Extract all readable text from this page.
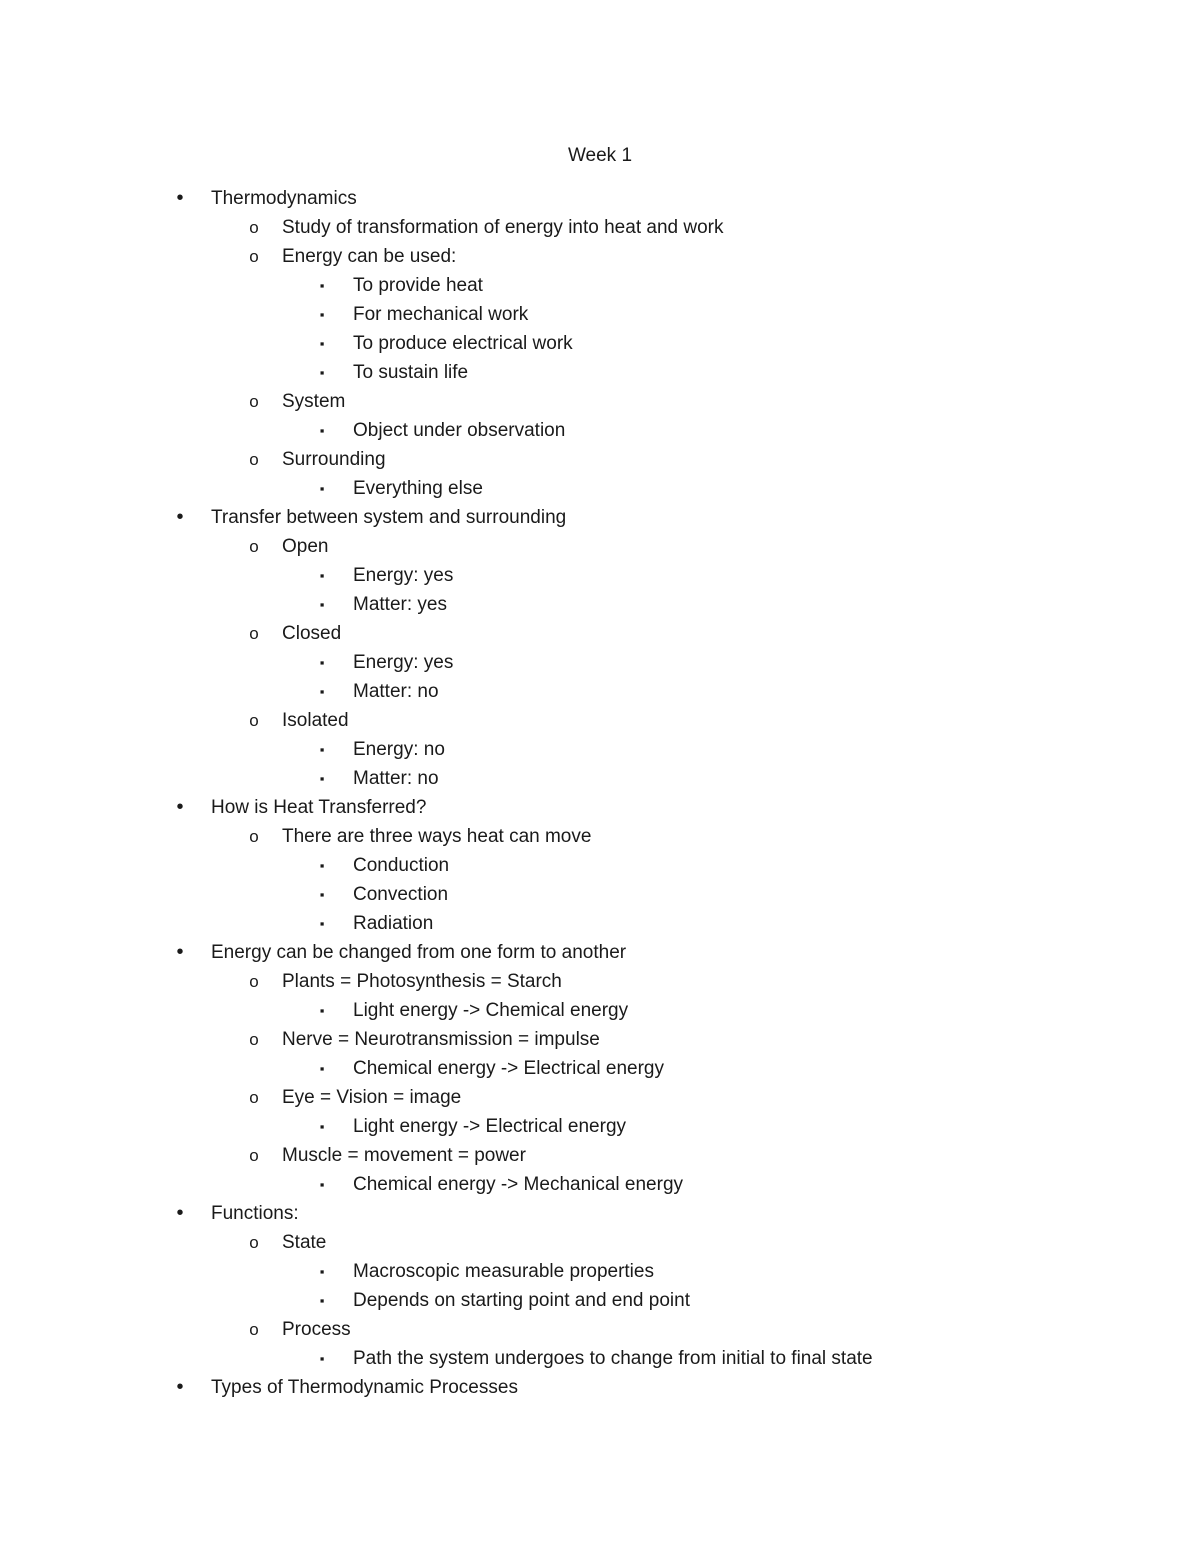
Week 1
• Thermodynamics
o Study of transformation of energy into heat and work
o Energy can be used:
▪ To provide heat
▪ For mechanical work
▪ To produce electrical work
▪ To sustain life
o System
▪ Object under observation
o Surrounding
▪ Everything else
• Transfer between system and surrounding
o Open
▪ Energy: yes
▪ Matter: yes
o Closed
▪ Energy: yes
▪ Matter: no
o Isolated
▪ Energy: no
▪ Matter: no
• How is Heat Transferred?
o There are three ways heat can move
▪ Conduction
▪ Convection
▪ Radiation
• Energy can be changed from one form to another
o Plants = Photosynthesis = Starch
▪ Light energy -> Chemical energy
o Nerve = Neurotransmission = impulse
▪ Chemical energy -> Electrical energy
o Eye = Vision = image
▪ Light energy -> Electrical energy
o Muscle = movement = power
▪ Chemical energy -> Mechanical energy
• Functions:
o State
▪ Macroscopic measurable properties
▪ Depends on starting point and end point
o Process
▪ Path the system undergoes to change from initial to final state
• Types of Thermodynamic Processes
